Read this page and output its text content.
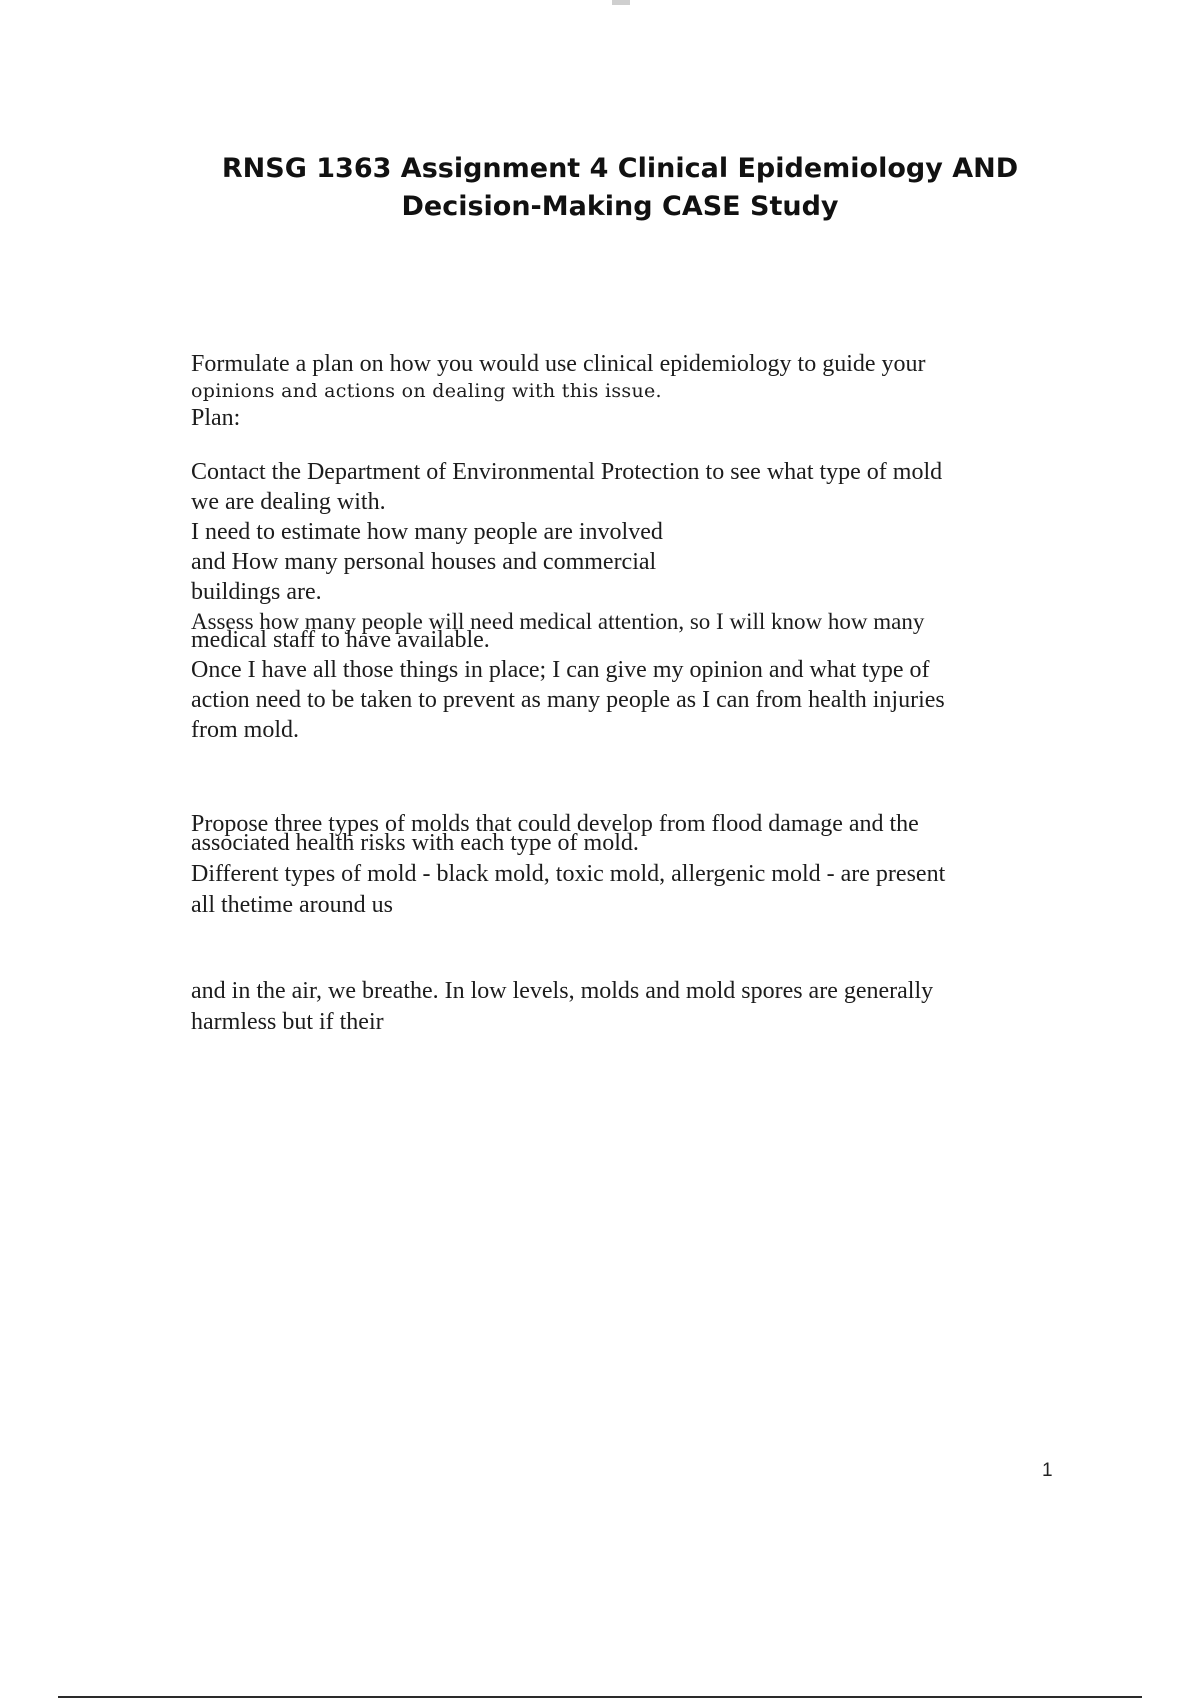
RNSG 1363 Assignment 4 Clinical Epidemiology AND
Decision-Making CASE Study
Formulate a plan on how you would use clinical epidemiology to guide your
opinions and actions on dealing with this issue.
Plan:
Contact the Department of Environmental Protection to see what type of mold
we are dealing with.
I need to estimate how many people are involved
and How many personal houses and commercial
buildings are.
Assess how many people will need medical attention, so I will know how many
medical staff to have available.
Once I have all those things in place; I can give my opinion and what type of
action need to be taken to prevent as many people as I can from health injuries
from mold.
Propose three types of molds that could develop from flood damage and the
associated health risks with each type of mold.
Different types of mold - black mold, toxic mold, allergenic mold - are present
all thetime around us
and in the air, we breathe. In low levels, molds and mold spores are generally
harmless but if their

1
